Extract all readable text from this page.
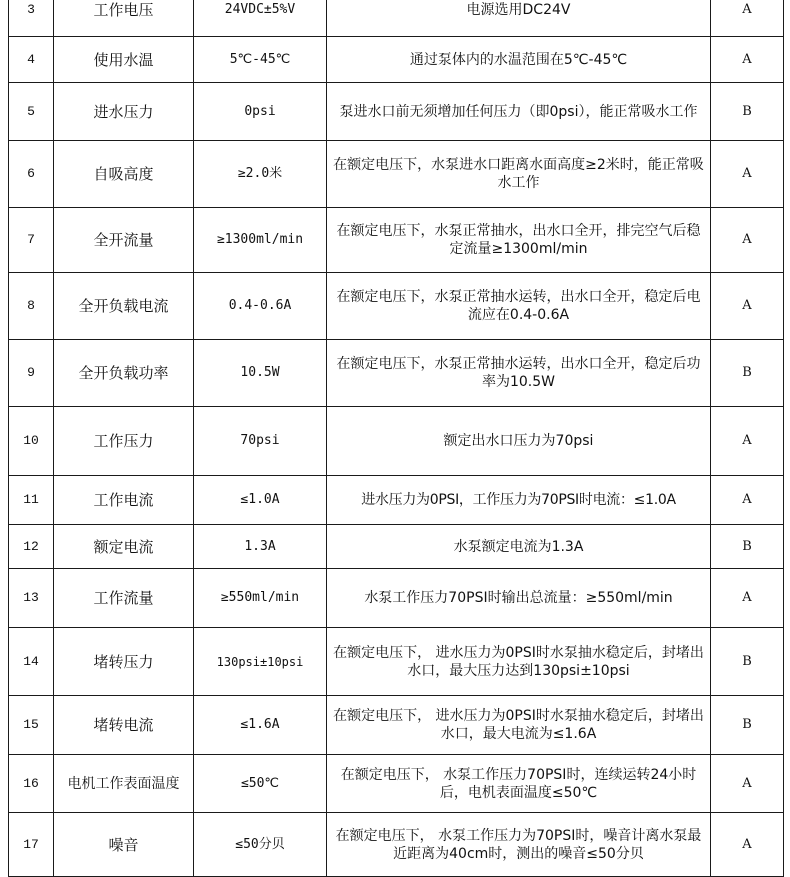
3	工作电压	24VDC±5%V	电源选用DC24V	A
4	使用水温	5℃-45℃	通过泵体内的水温范围在5℃-45℃	A
5	进水压力	0psi	泵进水口前无须增加任何压力（即0psi），能正常吸水工作	B
6	自吸高度	≥2.0米	在额定电压下，水泵进水口距离水面高度≥2米时，能正常吸水工作	A
7	全开流量	≥1300ml/min	在额定电压下，水泵正常抽水，出水口全开，排完空气后稳定流量≥1300ml/min	A
8	全开负载电流	0.4-0.6A	在额定电压下，水泵正常抽水运转，出水口全开，稳定后电流应在0.4-0.6A	A
9	全开负载功率	10.5W	在额定电压下，水泵正常抽水运转，出水口全开，稳定后功率为10.5W	B
10	工作压力	70psi	额定出水口压力为70psi	A
11	工作电流	≤1.0A	进水压力为0PSI，工作压力为70PSI时电流：≤1.0A	A
12	额定电流	1.3A	水泵额定电流为1.3A	B
13	工作流量	≥550ml/min	水泵工作压力70PSI时输出总流量：≥550ml/min	A
14	堵转压力	130psi±10psi	在额定电压下， 进水压力为0PSI时水泵抽水稳定后，封堵出水口，最大压力达到130psi±10psi	B
15	堵转电流	≤1.6A	在额定电压下， 进水压力为0PSI时水泵抽水稳定后，封堵出水口，最大电流为≤1.6A	B
16	电机工作表面温度	≤50℃	在额定电压下， 水泵工作压力70PSI时，连续运转24小时后，电机表面温度≤50℃	A
17	噪音	≤50分贝	在额定电压下， 水泵工作压力为70PSI时，噪音计离水泵最近距离为40cm时，测出的噪音≤50分贝	A
